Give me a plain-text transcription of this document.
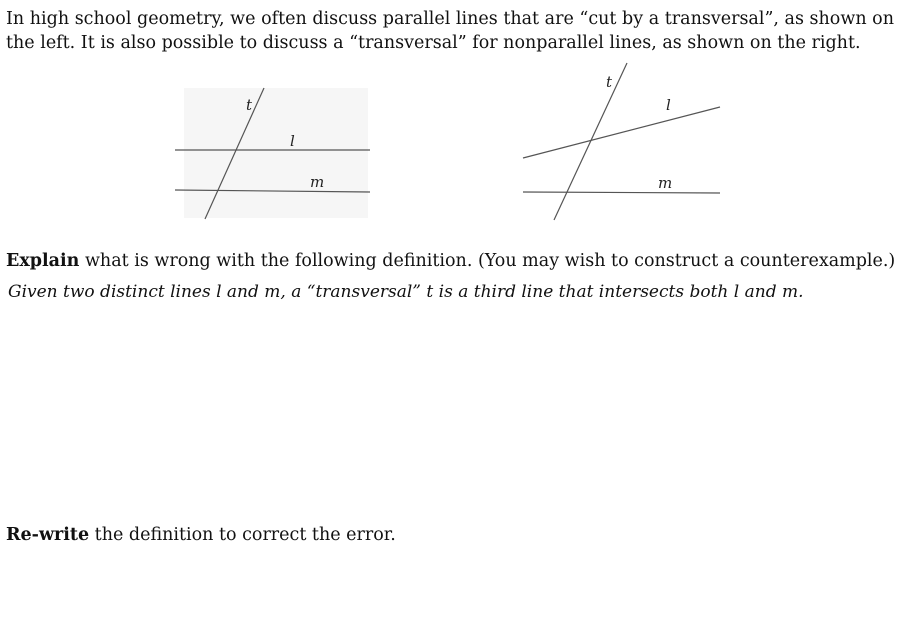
In high school geometry, we often discuss parallel lines that are “cut by a transversal”, as shown on the left. It is also possible to discuss a “transversal” for nonparallel lines, as shown on the right.

t
l
m
t
l
m

Explain what is wrong with the following definition. (You may wish to construct a counterexample.)

Given two distinct lines l and m, a “transversal” t is a third line that intersects both l and m.

Re-write the definition to correct the error.
